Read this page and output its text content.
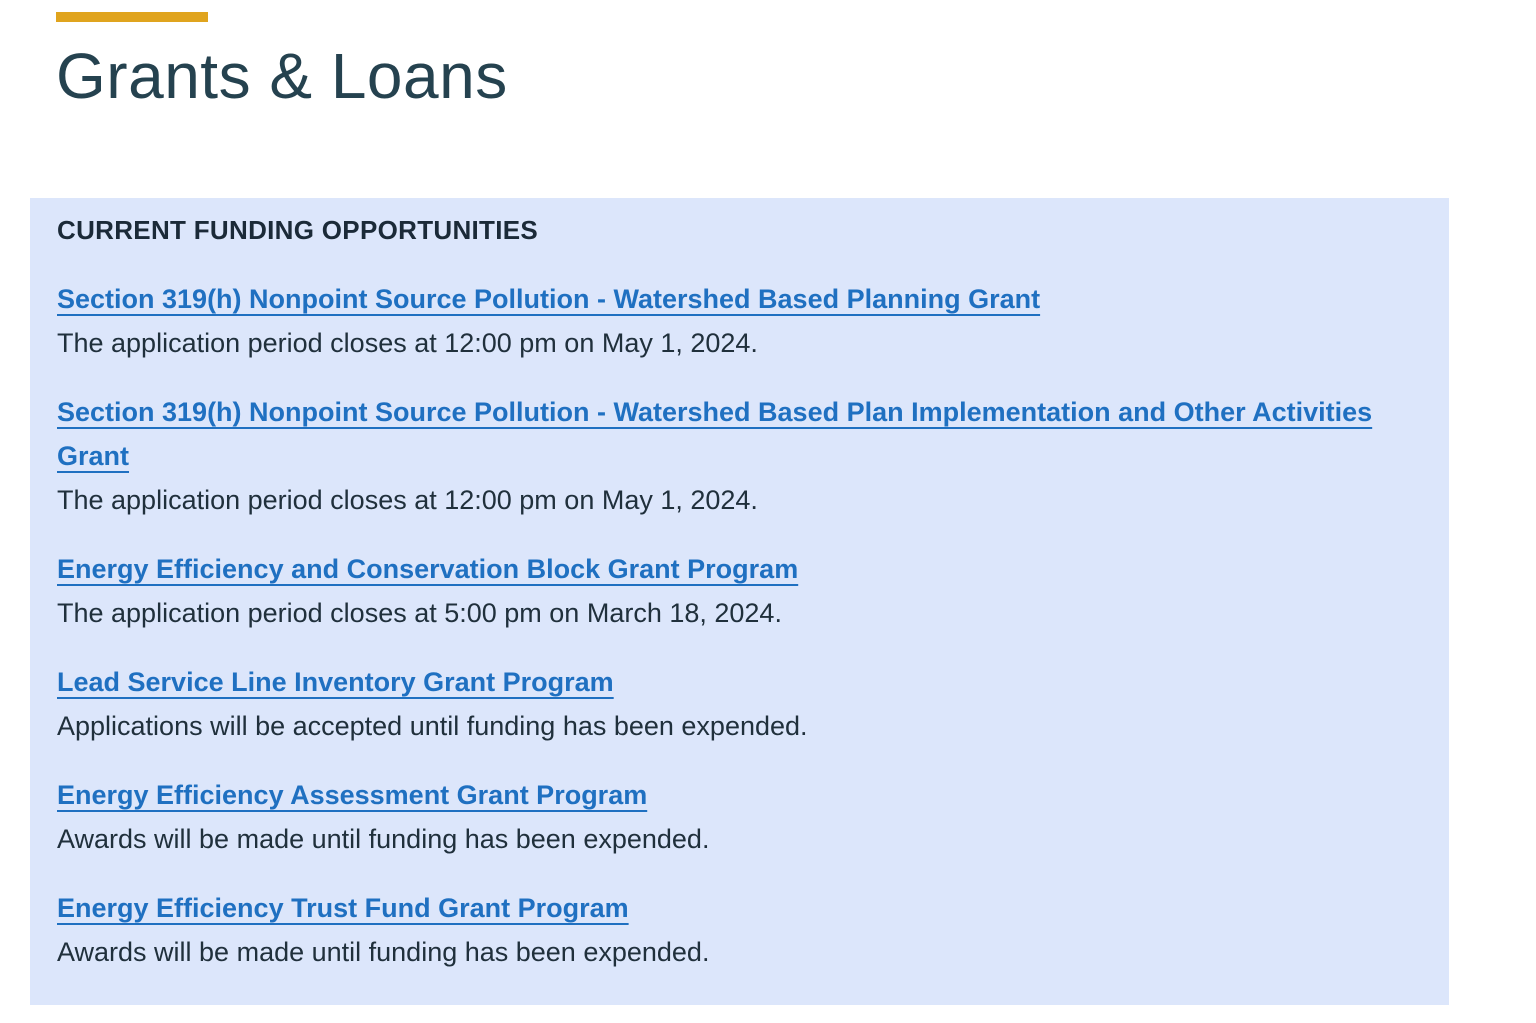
Grants & Loans
CURRENT FUNDING OPPORTUNITIES
Section 319(h) Nonpoint Source Pollution - Watershed Based Planning Grant

The application period closes at 12:00 pm on May 1, 2024.

Section 319(h) Nonpoint Source Pollution - Watershed Based Plan Implementation and Other Activities Grant

The application period closes at 12:00 pm on May 1, 2024.

Energy Efficiency and Conservation Block Grant Program

The application period closes at 5:00 pm on March 18, 2024.

Lead Service Line Inventory Grant Program

Applications will be accepted until funding has been expended.

Energy Efficiency Assessment Grant Program

Awards will be made until funding has been expended.

Energy Efficiency Trust Fund Grant Program

Awards will be made until funding has been expended.
